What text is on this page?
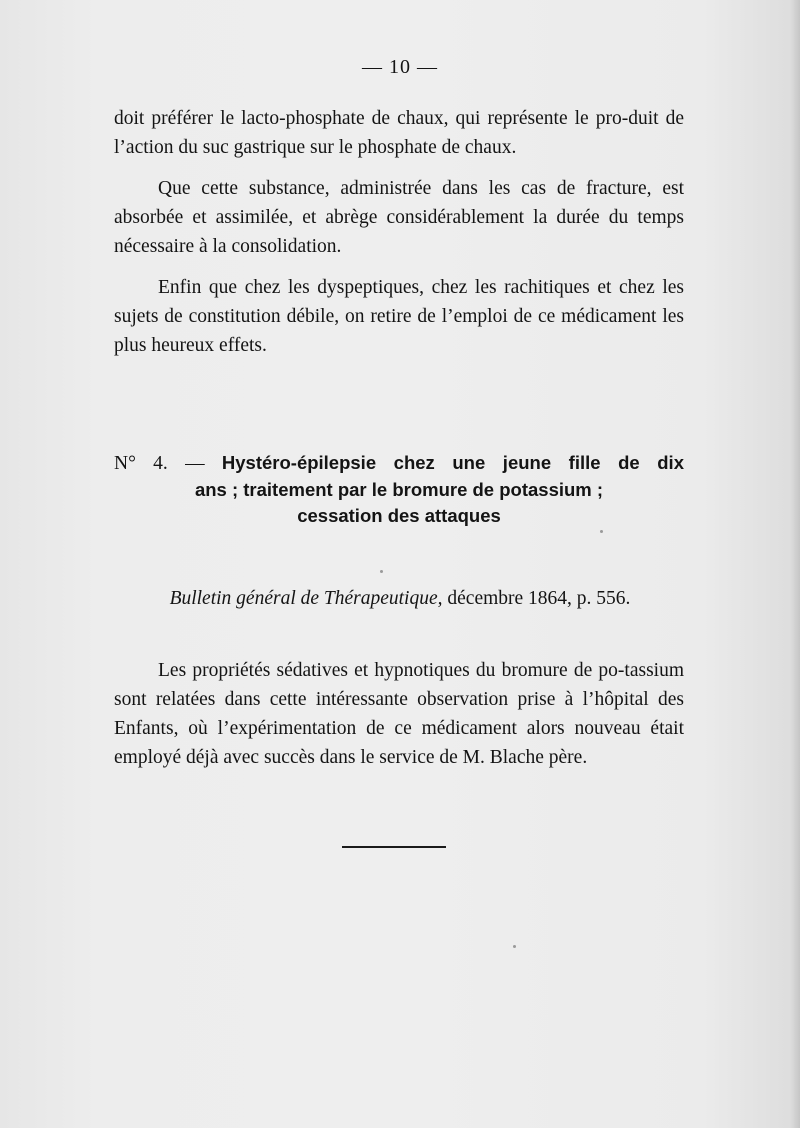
— 10 —
doit préférer le lacto-phosphate de chaux, qui représente le pro-duit de l’action du suc gastrique sur le phosphate de chaux.
Que cette substance, administrée dans les cas de fracture, est absorbée et assimilée, et abrège considérablement la durée du temps nécessaire à la consolidation.
Enfin que chez les dyspeptiques, chez les rachitiques et chez les sujets de constitution débile, on retire de l’emploi de ce médicament les plus heureux effets.
N° 4. — Hystéro-épilepsie chez une jeune fille de dix
ans ; traitement par le bromure de potassium ;
cessation des attaques
Bulletin général de Thérapeutique, décembre 1864, p. 556.
Les propriétés sédatives et hypnotiques du bromure de po-tassium sont relatées dans cette intéressante observation prise à l’hôpital des Enfants, où l’expérimentation de ce médicament alors nouveau était employé déjà avec succès dans le service de M. Blache père.
